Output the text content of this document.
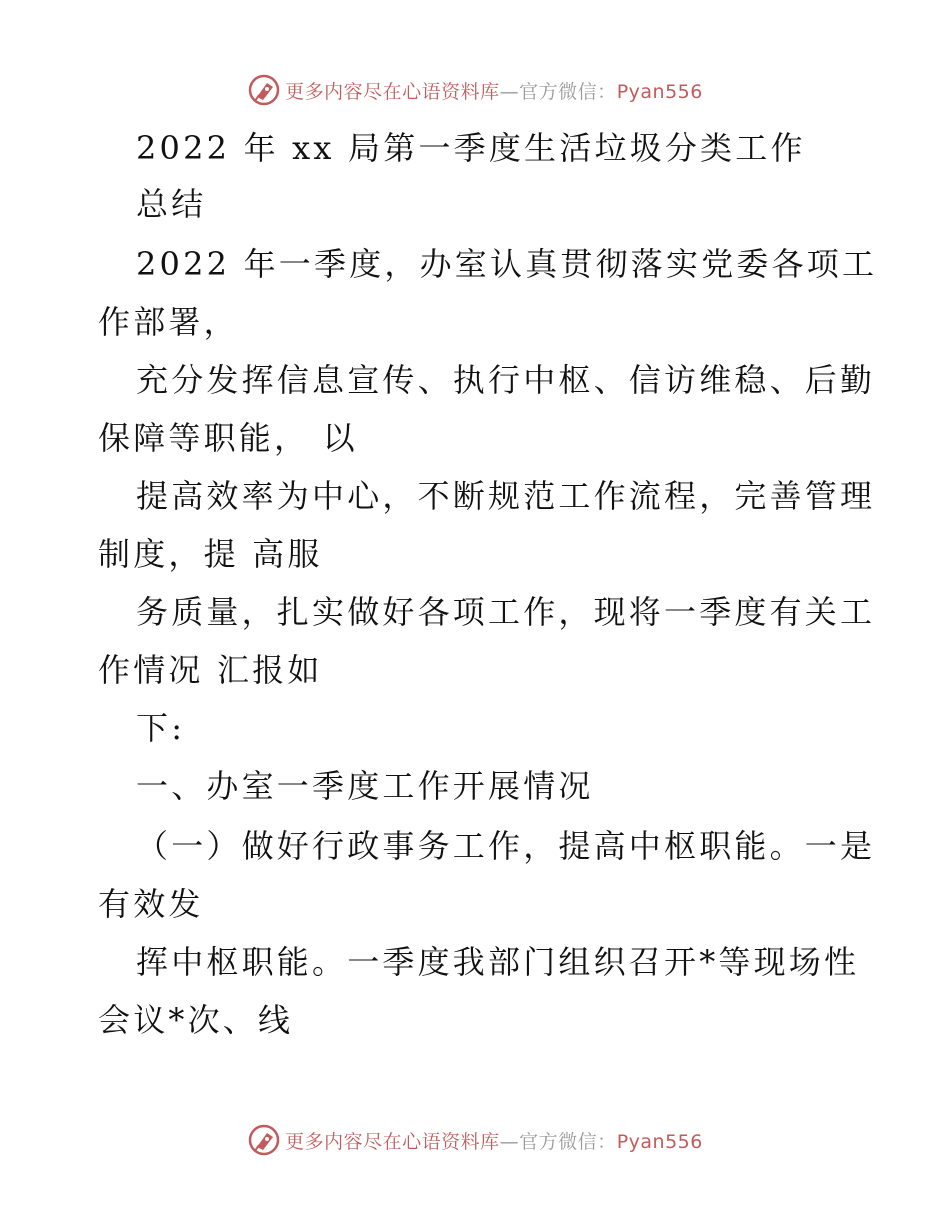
更多内容尽在心语资料库—官方微信：Pyan556
2022 年 xx 局第一季度生活垃圾分类工作
总结
2022 年一季度，办室认真贯彻落实党委各项工
作部署，
充分发挥信息宣传、执行中枢、信访维稳、后勤
保障等职能， 以
提高效率为中心，不断规范工作流程，完善管理
制度，提 高服
务质量，扎实做好各项工作，现将一季度有关工
作情况 汇报如
下:
一、办室一季度工作开展情况
（一）做好行政事务工作，提高中枢职能。一是
有效发
挥中枢职能。一季度我部门组织召开*等现场性
会议*次、线
更多内容尽在心语资料库—官方微信：Pyan556
